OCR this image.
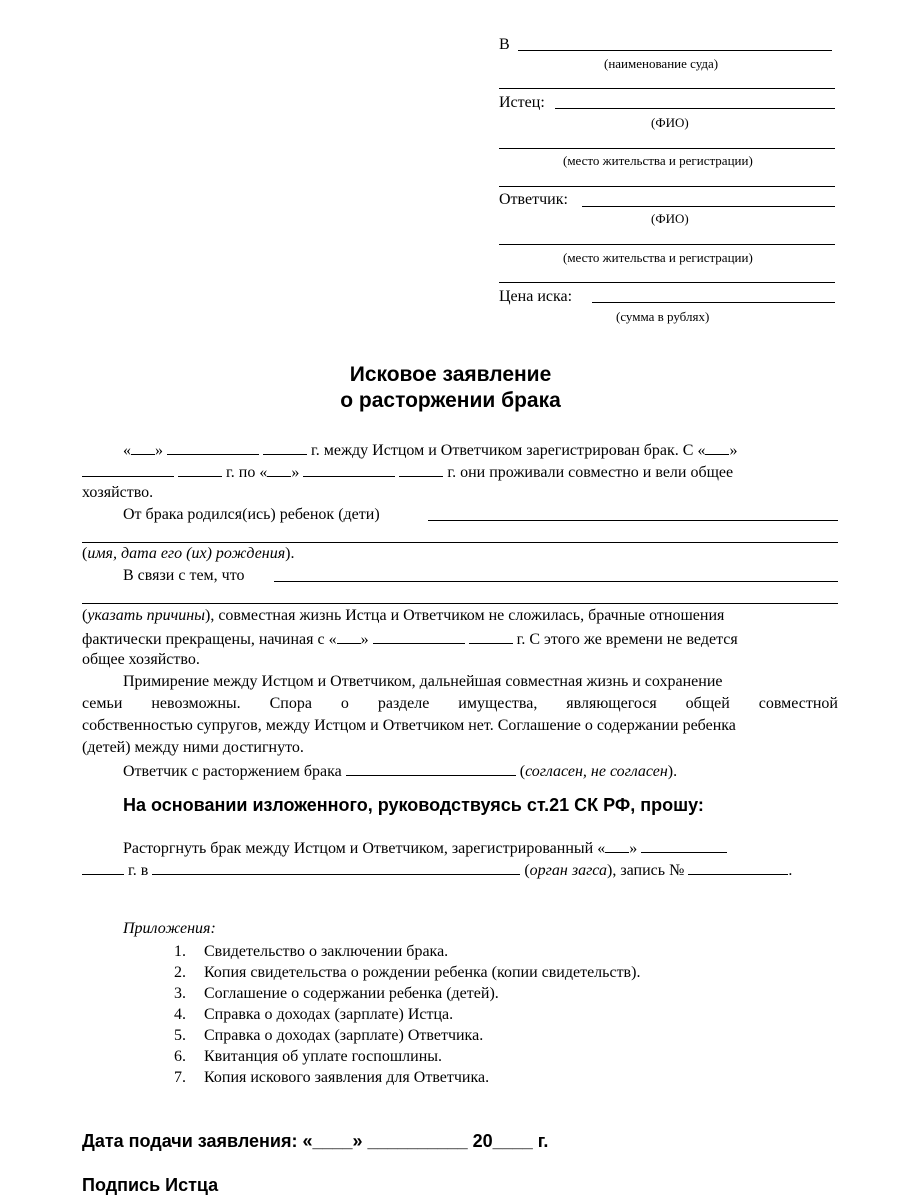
В
(наименование суда)
Истец:
(ФИО)
(место жительства и регистрации)
Ответчик:
(ФИО)
(место жительства и регистрации)
Цена иска:
(сумма в рублях)
Исковое заявление
о расторжении брака
« »	г. между Истцом и Ответчиком зарегистрирован брак. С « »
г. по « »	г. они проживали совместно и вели общее
хозяйство.
От брака родился(ись) ребенок (дети)
(имя, дата его (их) рождения).
В связи с тем, что
(указать причины), совместная жизнь Истца и Ответчиком не сложилась, брачные отношения
фактически прекращены, начиная с « »	г. С этого же времени не ведется
общее хозяйство.
Примирение между Истцом и Ответчиком, дальнейшая совместная жизнь и сохранение
семьи невозможны. Спора о разделе имущества, являющегося общей совместной
собственностью супругов, между Истцом и Ответчиком нет. Соглашение о содержании ребенка
(детей) между ними достигнуто.
Ответчик с расторжением брака	(согласен, не согласен).
На основании изложенного, руководствуясь ст.21 СК РФ, прошу:
Расторгнуть брак между Истцом и Ответчиком, зарегистрированный « »
г. в	(орган загса), запись №	.
Приложения:
1. Свидетельство о заключении брака.
2. Копия свидетельства о рождении ребенка (копии свидетельств).
3. Соглашение о содержании ребенка (детей).
4. Справка о доходах (зарплате) Истца.
5. Справка о доходах (зарплате) Ответчика.
6. Квитанция об уплате госпошлины.
7. Копия искового заявления для Ответчика.
Дата подачи заявления: «____» __________ 20____ г.
Подпись Истца
